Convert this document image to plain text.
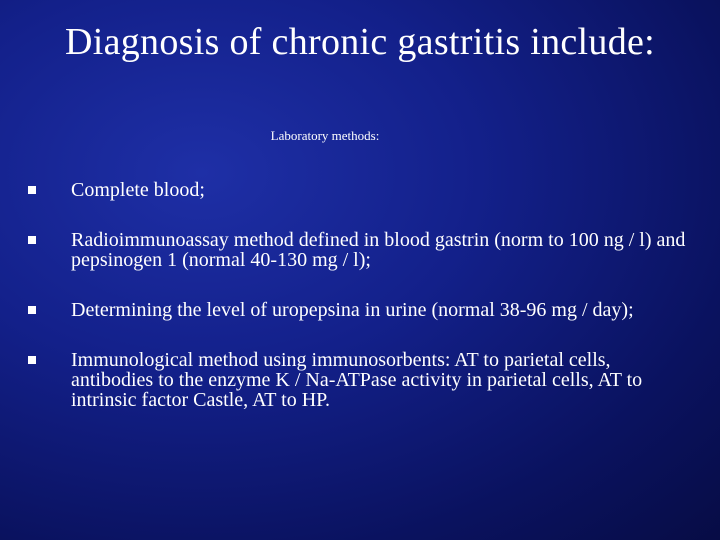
Diagnosis of chronic gastritis include:
Laboratory methods:
Complete blood;
Radioimmunoassay method defined in blood gastrin (norm to 100 ng / l) and pepsinogen 1 (normal 40-130 mg / l);
Determining the level of uropepsina in urine (normal 38-96 mg / day);
Immunological method using immunosorbents: AT to parietal cells, antibodies to the enzyme K / Na-ATPase activity in parietal cells, AT to intrinsic factor Castle, AT to HP.
